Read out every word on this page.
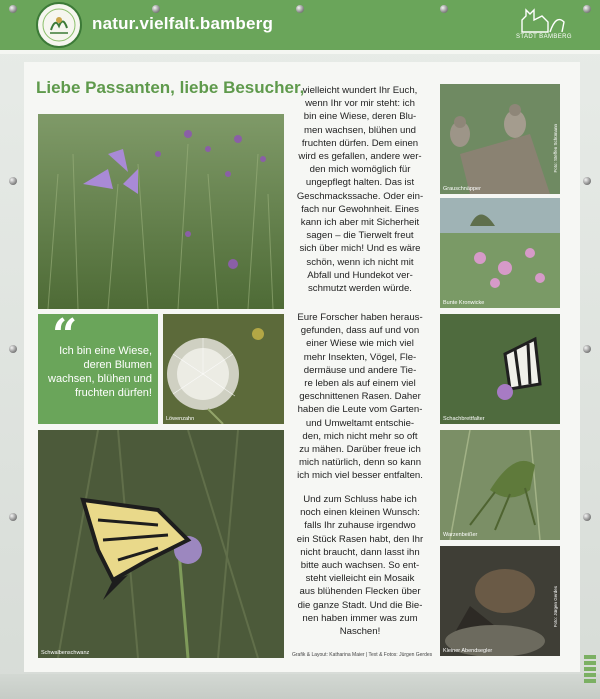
natur.vielfalt.bamberg
STADT BAMBERG
Liebe Passanten, liebe Besucher,
“
Ich bin eine Wiese, deren Blumen wachsen, blühen und fruchten dürfen!
Löwenzahn
Schwalbenschwanz
vielleicht wundert Ihr Euch,
wenn Ihr vor mir steht: ich
bin eine Wiese, deren Blu-
men wachsen, blühen und
fruchten dürfen. Dem einen
wird es gefallen, andere wer-
den mich womöglich für
ungepflegt halten. Das ist
Geschmackssache. Oder ein-
fach nur Gewohnheit. Eines
kann ich aber mit Sicherheit
sagen – die Tierwelt freut
sich über mich! Und es wäre
schön, wenn ich nicht mit
Abfall und Hundekot ver-
schmutzt werden würde.
Eure Forscher haben heraus-
gefunden, dass auf und von
einer Wiese wie mich viel
mehr Insekten, Vögel, Fle-
dermäuse und andere Tie-
re leben als auf einem viel
geschnittenen Rasen. Daher
haben die Leute vom Garten-
und Umweltamt entschie-
den, mich nicht mehr so oft
zu mähen. Darüber freue ich
mich natürlich, denn so kann
ich mich viel besser entfalten.
Und zum Schluss habe ich
noch einen kleinen Wunsch:
falls Ihr zuhause irgendwo
ein Stück Rasen habt, den Ihr
nicht braucht, dann lasst ihn
bitte auch wachsen. So ent-
steht vielleicht ein Mosaik
aus blühenden Flecken über
die ganze Stadt. Und die Bie-
nen haben immer was zum
Naschen!
Grafik & Layout: Katharina Maier | Text & Fotos: Jürgen Gerdes
Grauschnäpper
Foto: Steffen Schümann
Bunte Kronwicke
Schachbrettfalter
Warzenbeißer
Kleiner Abendsegler
Foto: Jürgen Gerdes
